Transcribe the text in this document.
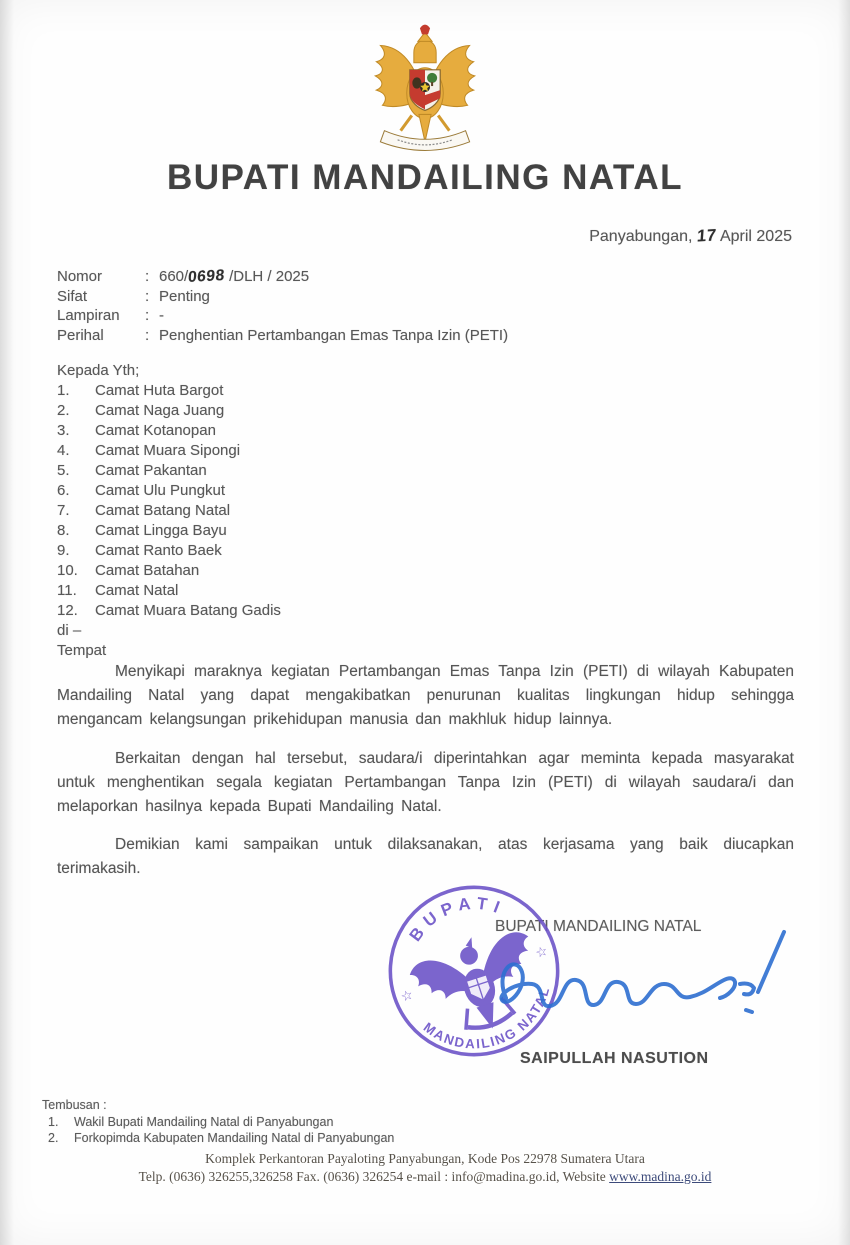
BUPATI MANDAILING NATAL
Panyabungan, 17 April 2025
Nomor	: 660/0698 /DLH / 2025
Sifat	: Penting
Lampiran	: -
Perihal	: Penghentian Pertambangan Emas Tanpa Izin (PETI)
Kepada Yth;
1.	Camat Huta Bargot
2.	Camat Naga Juang
3.	Camat Kotanopan
4.	Camat Muara Sipongi
5.	Camat Pakantan
6.	Camat Ulu Pungkut
7.	Camat Batang Natal
8.	Camat Lingga Bayu
9.	Camat Ranto Baek
10.	Camat Batahan
11.	Camat Natal
12.	Camat Muara Batang Gadis
di –
Tempat

Menyikapi maraknya kegiatan Pertambangan Emas Tanpa Izin (PETI) di wilayah Kabupaten Mandailing Natal yang dapat mengakibatkan penurunan kualitas lingkungan hidup sehingga mengancam kelangsungan prikehidupan manusia dan makhluk hidup lainnya.

Berkaitan dengan hal tersebut, saudara/i diperintahkan agar meminta kepada masyarakat untuk menghentikan segala kegiatan Pertambangan Tanpa Izin (PETI) di wilayah saudara/i dan melaporkan hasilnya kepada Bupati Mandailing Natal.

Demikian kami sampaikan untuk dilaksanakan, atas kerjasama yang baik diucapkan terimakasih.

BUPATI MANDAILING NATAL
BUPATI
MANDAILING NATAL
☆
☆
SAIPULLAH NASUTION
Tembusan :
1.	Wakil Bupati Mandailing Natal di Panyabungan
2.	Forkopimda Kabupaten Mandailing Natal di Panyabungan
Komplek Perkantoran Payaloting Panyabungan, Kode Pos 22978 Sumatera Utara
Telp. (0636) 326255,326258 Fax. (0636) 326254 e-mail : info@madina.go.id, Website www.madina.go.id
